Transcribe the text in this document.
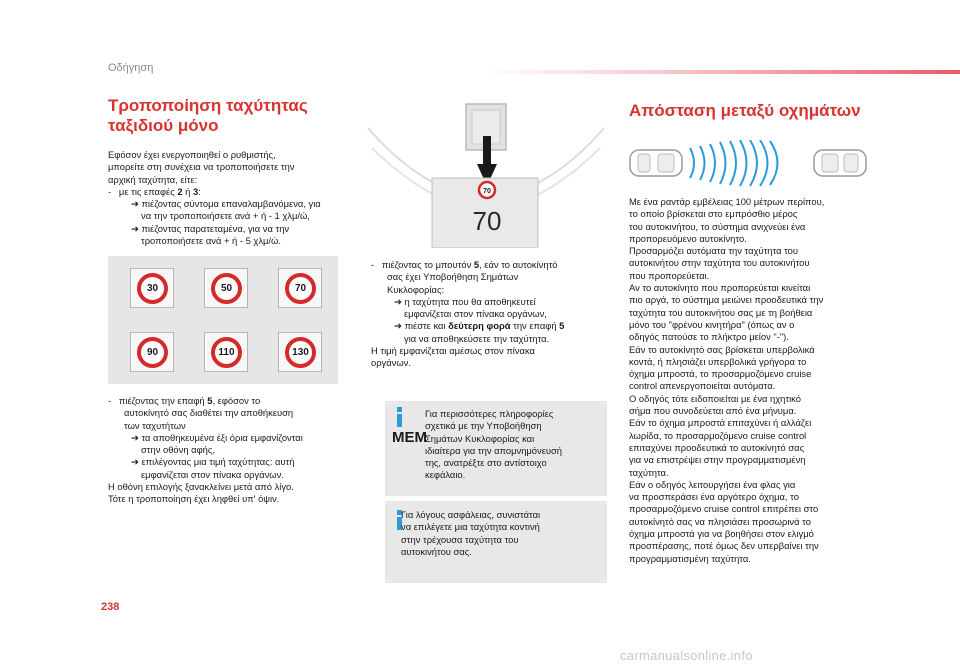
Οδήγηση
Τροποποίηση ταχύτητας
ταξιδιού μόνο

Εφόσον έχει ενεργοποιηθεί ο ρυθμιστής,

μπορείτε στη συνέχεια να τροποποιήσετε την

αρχική ταχύτητα, είτε:

-   με τις επαφές 2 ή 3:

➔ πιέζοντας σύντομα επαναλαμβανόμενα, για

να την τροποποιήσετε ανά + ή - 1 χλμ/ώ,

➔ πιέζοντας παρατεταμένα, για να την

τροποποιήσετε ανά + ή - 5 χλμ/ώ.

30	50	70
90	110	130

-   πιέζοντας την επαφή 5, εφόσον το

αυτοκίνητό σας διαθέτει την αποθήκευση

των ταχυτήτων

➔ τα αποθηκευμένα έξι όρια εμφανίζονται

στην οθόνη αφής,

➔ επιλέγοντας μια τιμή ταχύτητας: αυτή

εμφανίζεται στον πίνακα οργάνων.

Η οθόνη επιλογής ξανακλείνει μετά από λίγο.

Τότε η τροποποίηση έχει ληφθεί υπ' όψιν.

70
70

-   πιέζοντας το μπουτόν 5, εάν το αυτοκίνητό

σας έχει Υποβοήθηση Σημάτων

Κυκλοφορίας:

➔ η ταχύτητα που θα αποθηκευτεί

εμφανίζεται στον πίνακα οργάνων,

➔ πιέστε και δεύτερη φορά την επαφή 5

για να αποθηκεύσετε την ταχύτητα.

Η τιμή εμφανίζεται αμέσως στον πίνακα

οργάνων.

MEM

Για περισσότερες πληροφορίες

σχετικά με την Υποβοήθηση

Σημάτων Κυκλοφορίας και

ιδιαίτερα για την απομνημόνευσή

της, ανατρέξτε στο αντίστοιχο

κεφάλαιο.

Για λόγους ασφάλειας, συνιστάται

να επιλέγετε μια ταχύτητα κοντινή

στην τρέχουσα ταχύτητα του

αυτοκινήτου σας.

Απόσταση μεταξύ οχημάτων

Με ένα ραντάρ εμβέλειας 100 μέτρων περίπου,

το οποίο βρίσκεται στο εμπρόσθιο μέρος

του αυτοκινήτου, το σύστημα ανιχνεύει ένα

προπορευόμενο αυτοκίνητο.

Προσαρμόζει αυτόματα την ταχύτητα του

αυτοκινήτου στην ταχύτητα του αυτοκινήτου

που προπορεύεται.

Αν το αυτοκίνητο που προπορεύεται κινείται

πιο αργά, το σύστημα μειώνει προοδευτικά την

ταχύτητα του αυτοκινήτου σας με τη βοήθεια

μόνο του "φρένου κινητήρα" (όπως αν ο

οδηγός πατούσε το πλήκτρο μείον "-").

Εάν το αυτοκίνητό σας βρίσκεται υπερβολικά

κοντά, ή πλησιάζει υπερβολικά γρήγορα το

όχημα μπροστά, το προσαρμοζόμενο cruise

control απενεργοποιείται αυτόματα.

Ο οδηγός τότε ειδοποιείται με ένα ηχητικό

σήμα που συνοδεύεται από ένα μήνυμα.

Εάν το όχημα μπροστά επιταχύνει ή αλλάζει

λωρίδα, το προσαρμοζόμενο cruise control

επιταχύνει προοδευτικά το αυτοκίνητό σας

για να επιστρέψει στην προγραμματισμένη

ταχύτητα.

Εάν ο οδηγός λειτουργήσει ένα φλας για

να προσπεράσει ένα αργότερο όχημα, το

προσαρμοζόμενο cruise control επιτρέπει στο

αυτοκίνητό σας να πλησιάσει προσωρινά το

όχημα μπροστά για να βοηθήσει στον ελιγμό

προσπέρασης, ποτέ όμως δεν υπερβαίνει την

προγραμματισμένη ταχύτητα.

238
carmanualsonline.info
